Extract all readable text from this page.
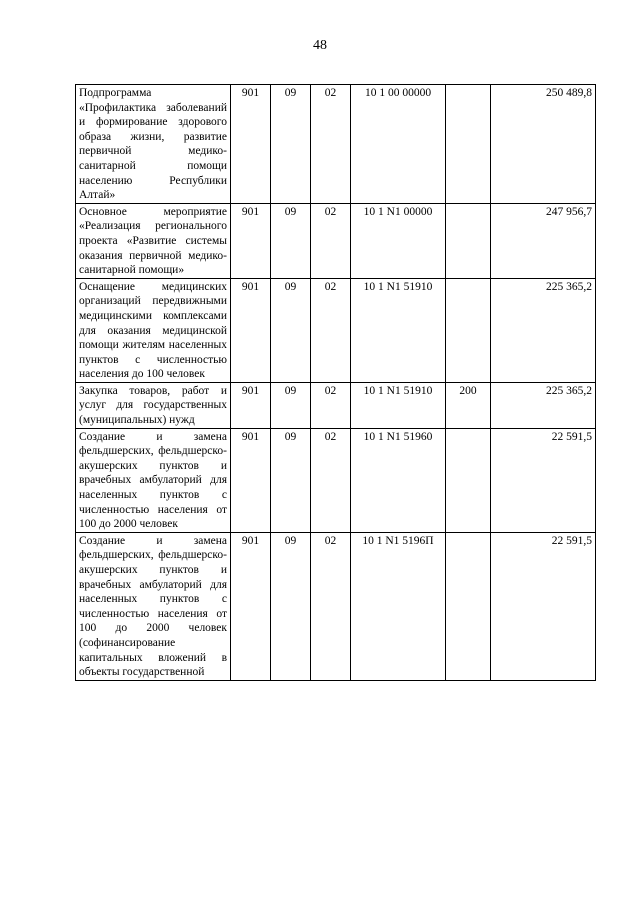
48
Подпрограмма «Профилактика заболеваний и формирование здорового образа жизни, развитие первичной медико-санитарной помощи населению Республики Алтай»	901	09	02	10 1 00 00000		250 489,8
Основное мероприятие «Реализация регионального проекта «Развитие системы оказания первичной медико-санитарной помощи»	901	09	02	10 1 N1 00000		247 956,7
Оснащение медицинских организаций передвижными медицинскими комплексами для оказания медицинской помощи жителям населенных пунктов с численностью населения до 100 человек	901	09	02	10 1 N1 51910		225 365,2
Закупка товаров, работ и услуг для государственных (муниципальных) нужд	901	09	02	10 1 N1 51910	200	225 365,2
Создание и замена фельдшерских, фельдшерско-акушерских пунктов и врачебных амбулаторий для населенных пунктов с численностью населения от 100 до 2000 человек	901	09	02	10 1 N1 51960		22 591,5
Создание и замена фельдшерских, фельдшерско-акушерских пунктов и врачебных амбулаторий для населенных пунктов с численностью населения от 100 до 2000 человек (софинансирование капитальных вложений в объекты государственной	901	09	02	10 1 N1 5196П		22 591,5
